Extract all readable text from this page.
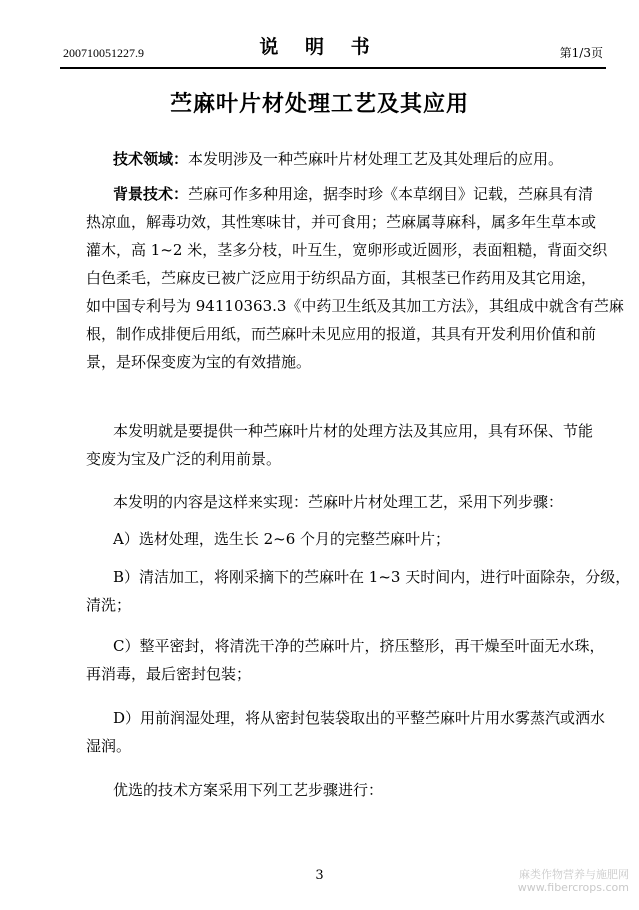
200710051227.9	说 明 书	第1/3页
苎麻叶片材处理工艺及其应用
技术领域：本发明涉及一种苎麻叶片材处理工艺及其处理后的应用。
背景技术：苎麻可作多种用途，据李时珍《本草纲目》记载，苎麻具有清
热凉血，解毒功效，其性寒味甘，并可食用；苎麻属荨麻科，属多年生草本或
灌木，高 1~2 米，茎多分枝，叶互生，宽卵形或近圆形，表面粗糙，背面交织
白色柔毛，苎麻皮已被广泛应用于纺织品方面，其根茎已作药用及其它用途，
如中国专利号为 94110363.3《中药卫生纸及其加工方法》，其组成中就含有苎麻
根，制作成排便后用纸，而苎麻叶未见应用的报道，其具有开发利用价值和前
景，是环保变废为宝的有效措施。
本发明就是要提供一种苎麻叶片材的处理方法及其应用，具有环保、节能
变废为宝及广泛的利用前景。
本发明的内容是这样来实现：苎麻叶片材处理工艺，采用下列步骤：
A）选材处理，选生长 2~6 个月的完整苎麻叶片；
B）清洁加工，将刚采摘下的苎麻叶在 1~3 天时间内，进行叶面除杂，分级，
清洗；
C）整平密封，将清洗干净的苎麻叶片，挤压整形，再干燥至叶面无水珠，
再消毒，最后密封包装；
D）用前润湿处理，将从密封包装袋取出的平整苎麻叶片用水雾蒸汽或洒水
湿润。
优选的技术方案采用下列工艺步骤进行：
3	麻类作物营养与施肥网
www.fibercrops.com
